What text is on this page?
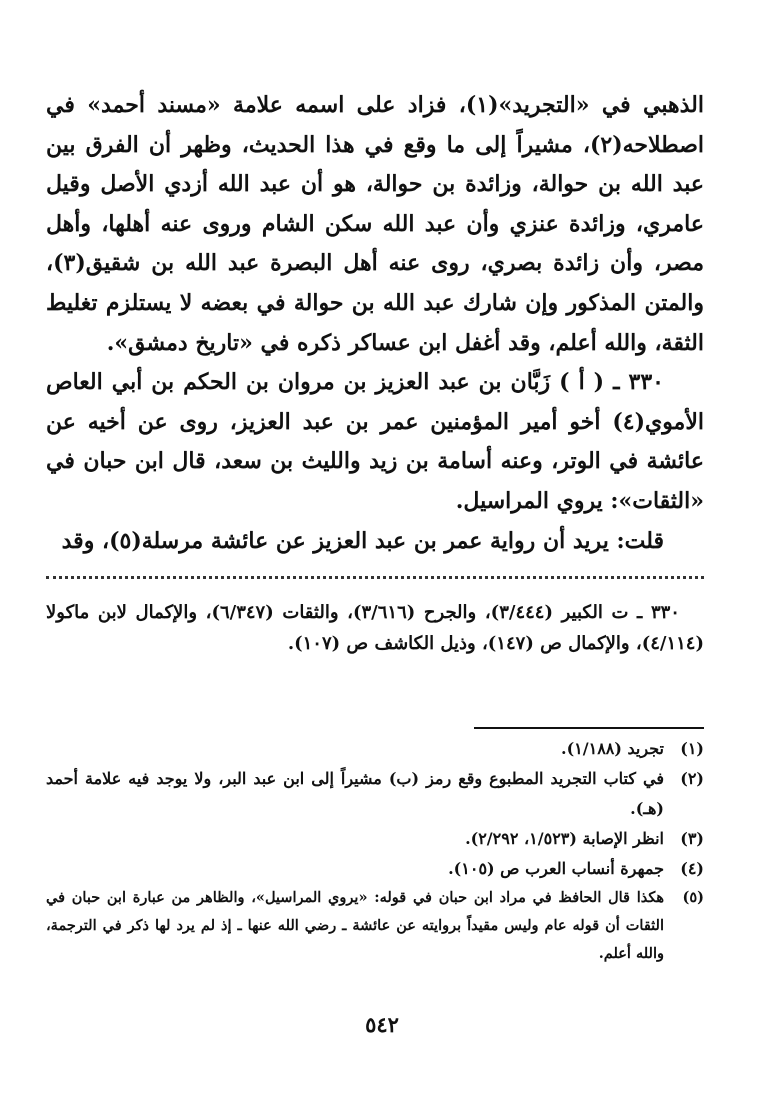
الذهبي في «التجريد»(١)، فزاد على اسمه علامة «مسند أحمد» في اصطلاحه(٢)، مشيراً إلى ما وقع في هذا الحديث، وظهر أن الفرق بين عبد الله بن حوالة، وزائدة بن حوالة، هو أن عبد الله أزدي الأصل وقيل عامري، وزائدة عنزي وأن عبد الله سكن الشام وروى عنه أهلها، وأهل مصر، وأن زائدة بصري، روى عنه أهل البصرة عبد الله بن شقيق(٣)، والمتن المذكور وإن شارك عبد الله بن حوالة في بعضه لا يستلزم تغليط الثقة، والله أعلم، وقد أغفل ابن عساكر ذكره في «تاريخ دمشق».

٣٣٠ ـ ( أ ) زَبَّان بن عبد العزيز بن مروان بن الحكم بن أبي العاص الأموي(٤) أخو أمير المؤمنين عمر بن عبد العزيز، روى عن أخيه عن عائشة في الوتر، وعنه أسامة بن زيد والليث بن سعد، قال ابن حبان في «الثقات»: يروي المراسيل.

قلت: يريد أن رواية عمر بن عبد العزيز عن عائشة مرسلة(٥)، وقد

٣٣٠ ـ ت الكبير (٣/٤٤٤)، والجرح (٣/٦١٦)، والثقات (٦/٣٤٧)، والإكمال لابن ماكولا (٤/١١٤)، والإكمال ص (١٤٧)، وذيل الكاشف ص (١٠٧).

(١)
تجريد (١/١٨٨).
(٢)
في كتاب التجريد المطبوع وقع رمز (ب) مشيراً إلى ابن عبد البر، ولا يوجد فيه علامة أحمد (هـ).
(٣)
انظر الإصابة (١/٥٢٣، ٢/٢٩٢).
(٤)
جمهرة أنساب العرب ص (١٠٥).
(٥)
هكذا قال الحافظ في مراد ابن حبان في قوله: «يروي المراسيل»، والظاهر من عبارة ابن حبان في الثقات أن قوله عام وليس مقيداً بروايته عن عائشة ـ رضي الله عنها ـ إذ لم يرد لها ذكر في الترجمة، والله أعلم.
٥٤٢
